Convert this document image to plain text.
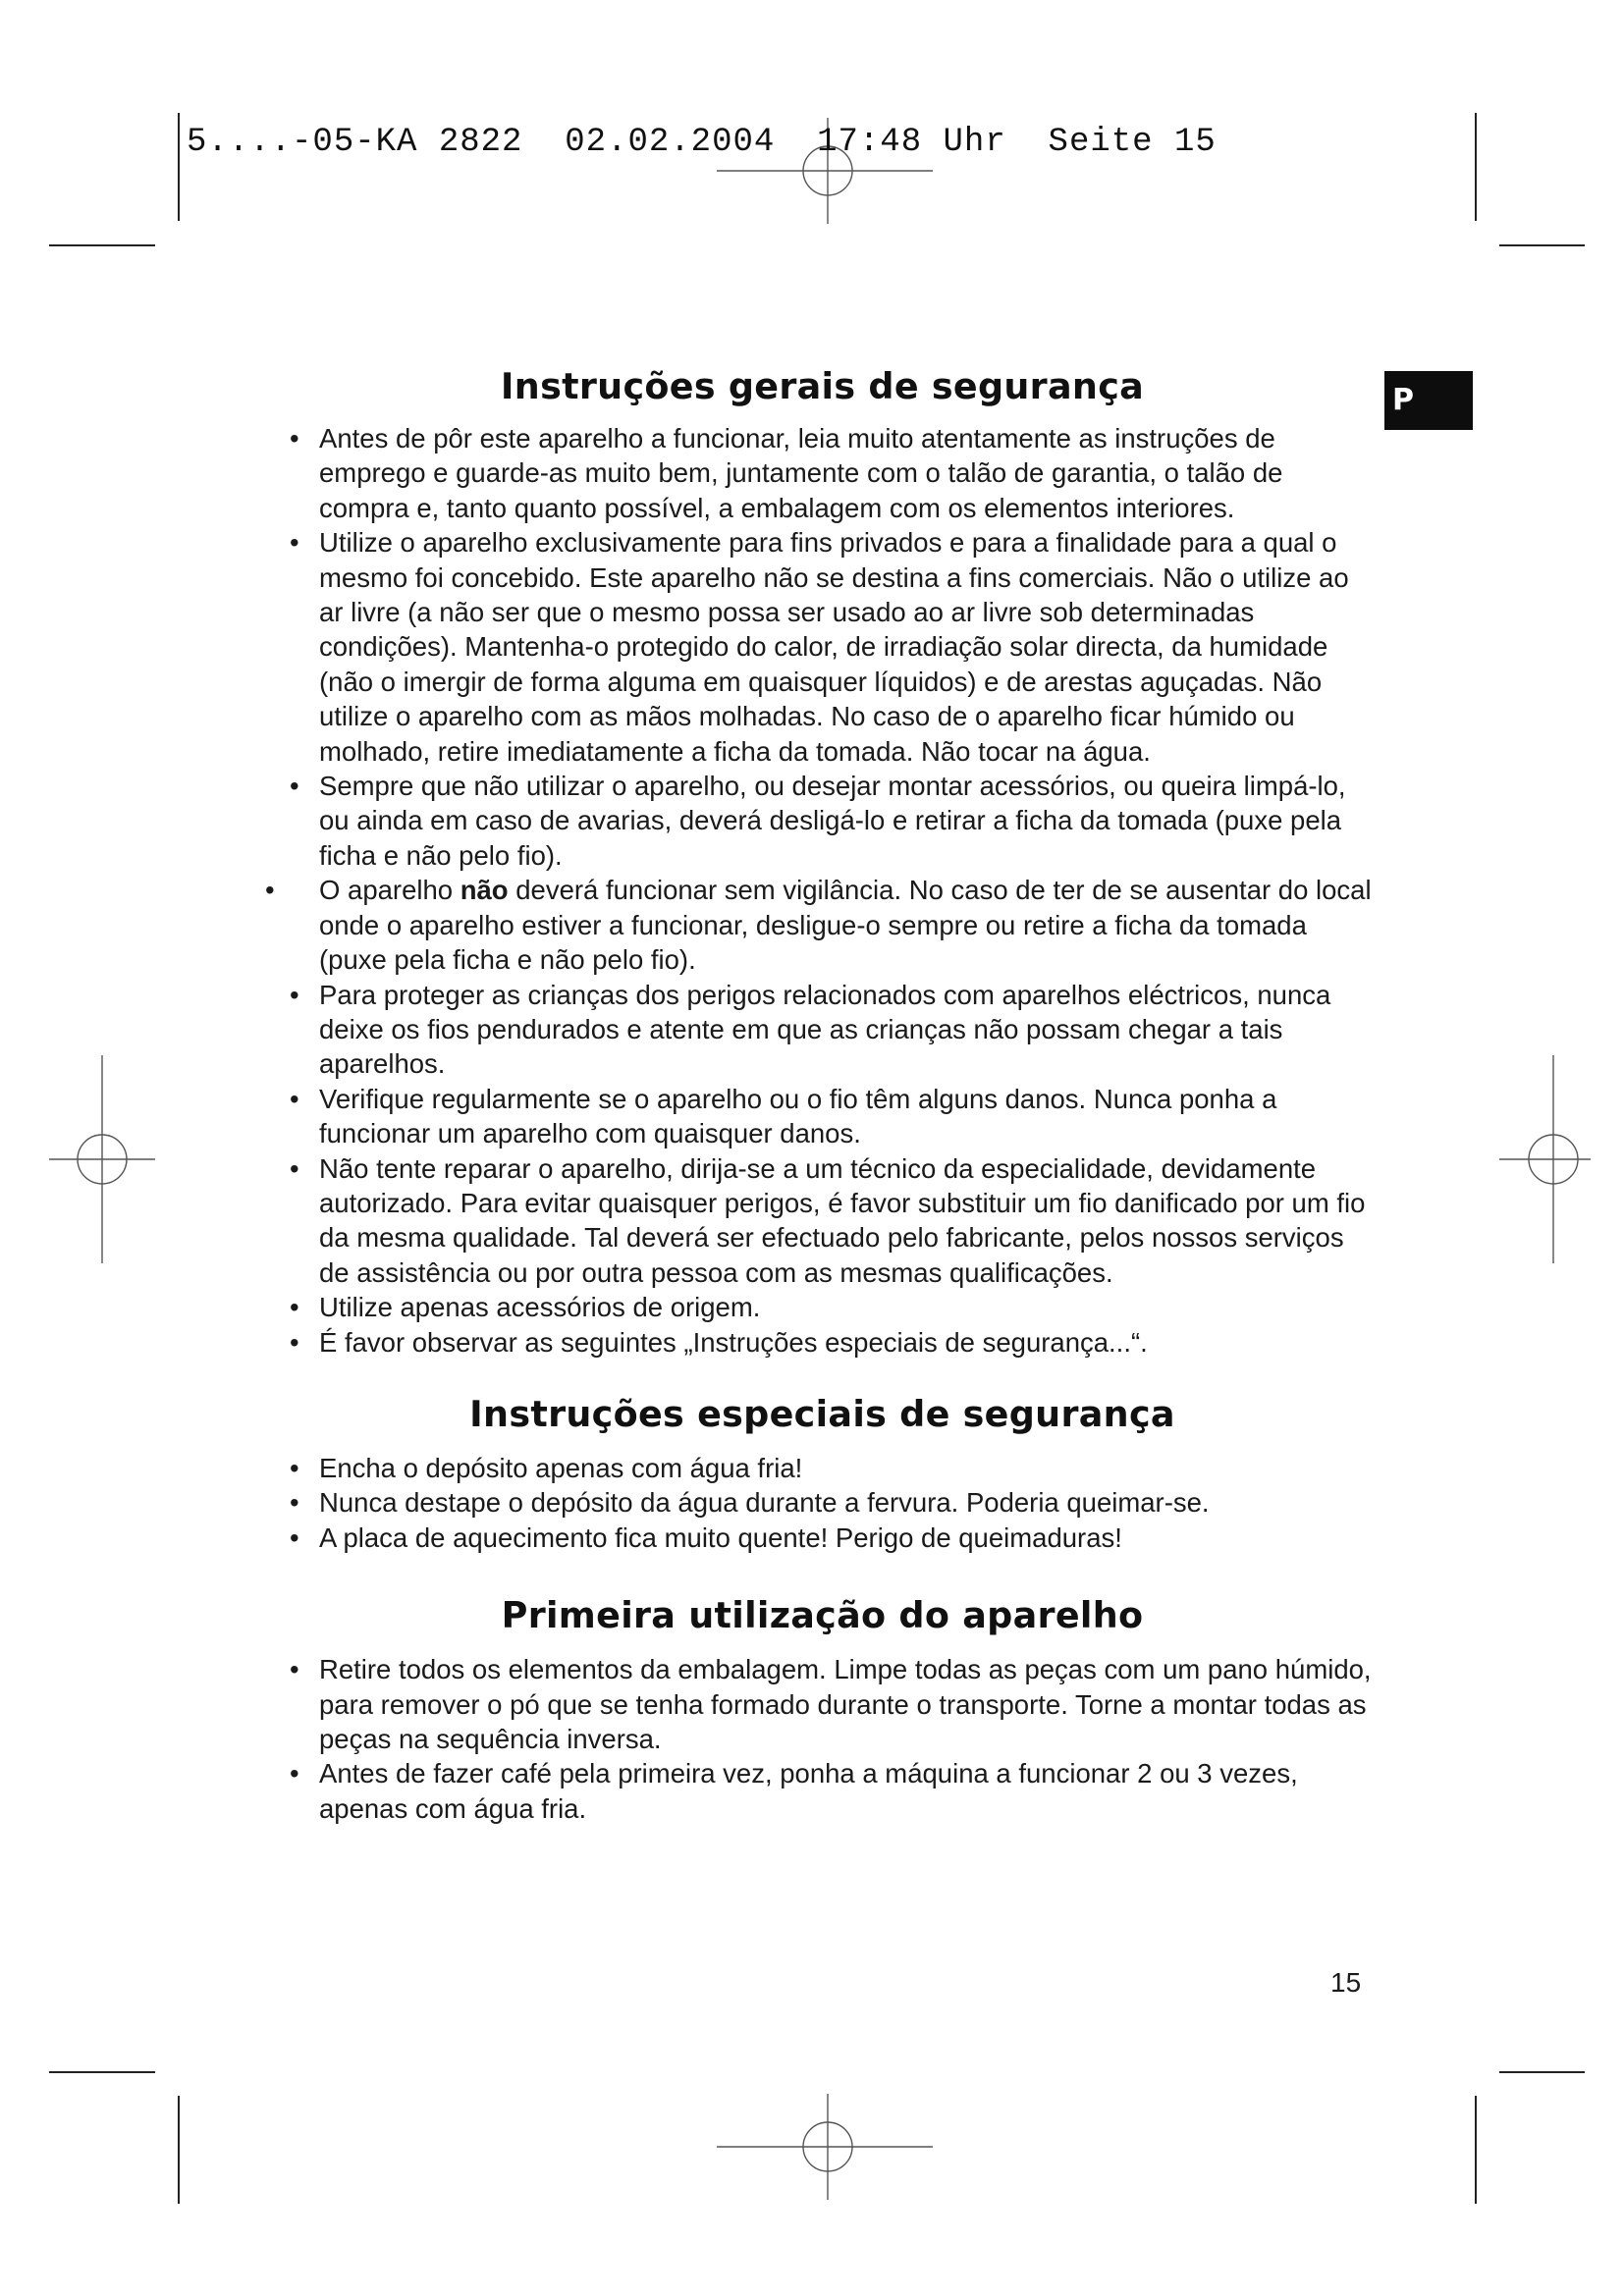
5....-05-KA 2822  02.02.2004  17:48 Uhr  Seite 15
P
Instruções gerais de segurança
• Antes de pôr este aparelho a funcionar, leia muito atentamente as instruções de emprego e guarde-as muito bem, juntamente com o talão de garantia, o talão de compra e, tanto quanto possível, a embalagem com os elementos interiores.
• Utilize o aparelho exclusivamente para fins privados e para a finalidade para a qual o mesmo foi concebido. Este aparelho não se destina a fins comerciais. Não o utilize ao ar livre (a não ser que o mesmo possa ser usado ao ar livre sob determinadas condições). Mantenha-o protegido do calor, de irradiação solar directa, da humidade (não o imergir de forma alguma em quaisquer líquidos) e de arestas aguçadas. Não utilize o aparelho com as mãos molhadas. No caso de o aparelho ficar húmido ou molhado, retire imediatamente a ficha da tomada. Não tocar na água.
• Sempre que não utilizar o aparelho, ou desejar montar acessórios, ou queira limpá-lo, ou ainda em caso de avarias, deverá desligá-lo e retirar a ficha da tomada (puxe pela ficha e não pelo fio).
• O aparelho não deverá funcionar sem vigilância. No caso de ter de se ausentar do local onde o aparelho estiver a funcionar, desligue-o sempre ou retire a ficha da tomada (puxe pela ficha e não pelo fio).
• Para proteger as crianças dos perigos relacionados com aparelhos eléctricos, nunca deixe os fios pendurados e atente em que as crianças não possam chegar a tais aparelhos.
• Verifique regularmente se o aparelho ou o fio têm alguns danos. Nunca ponha a funcionar um aparelho com quaisquer danos.
• Não tente reparar o aparelho, dirija-se a um técnico da especialidade, devidamente autorizado. Para evitar quaisquer perigos, é favor substituir um fio danificado por um fio da mesma qualidade. Tal deverá ser efectuado pelo fabricante, pelos nossos serviços de assistência ou por outra pessoa com as mesmas qualificações.
• Utilize apenas acessórios de origem.
• É favor observar as seguintes „Instruções especiais de segurança...“.
Instruções especiais de segurança
• Encha o depósito apenas com água fria!
• Nunca destape o depósito da água durante a fervura. Poderia queimar-se.
• A placa de aquecimento fica muito quente! Perigo de queimaduras!
Primeira utilização do aparelho
• Retire todos os elementos da embalagem. Limpe todas as peças com um pano húmido, para remover o pó que se tenha formado durante o transporte. Torne a montar todas as peças na sequência inversa.
• Antes de fazer café pela primeira vez, ponha a máquina a funcionar 2 ou 3 vezes, apenas com água fria.
15
